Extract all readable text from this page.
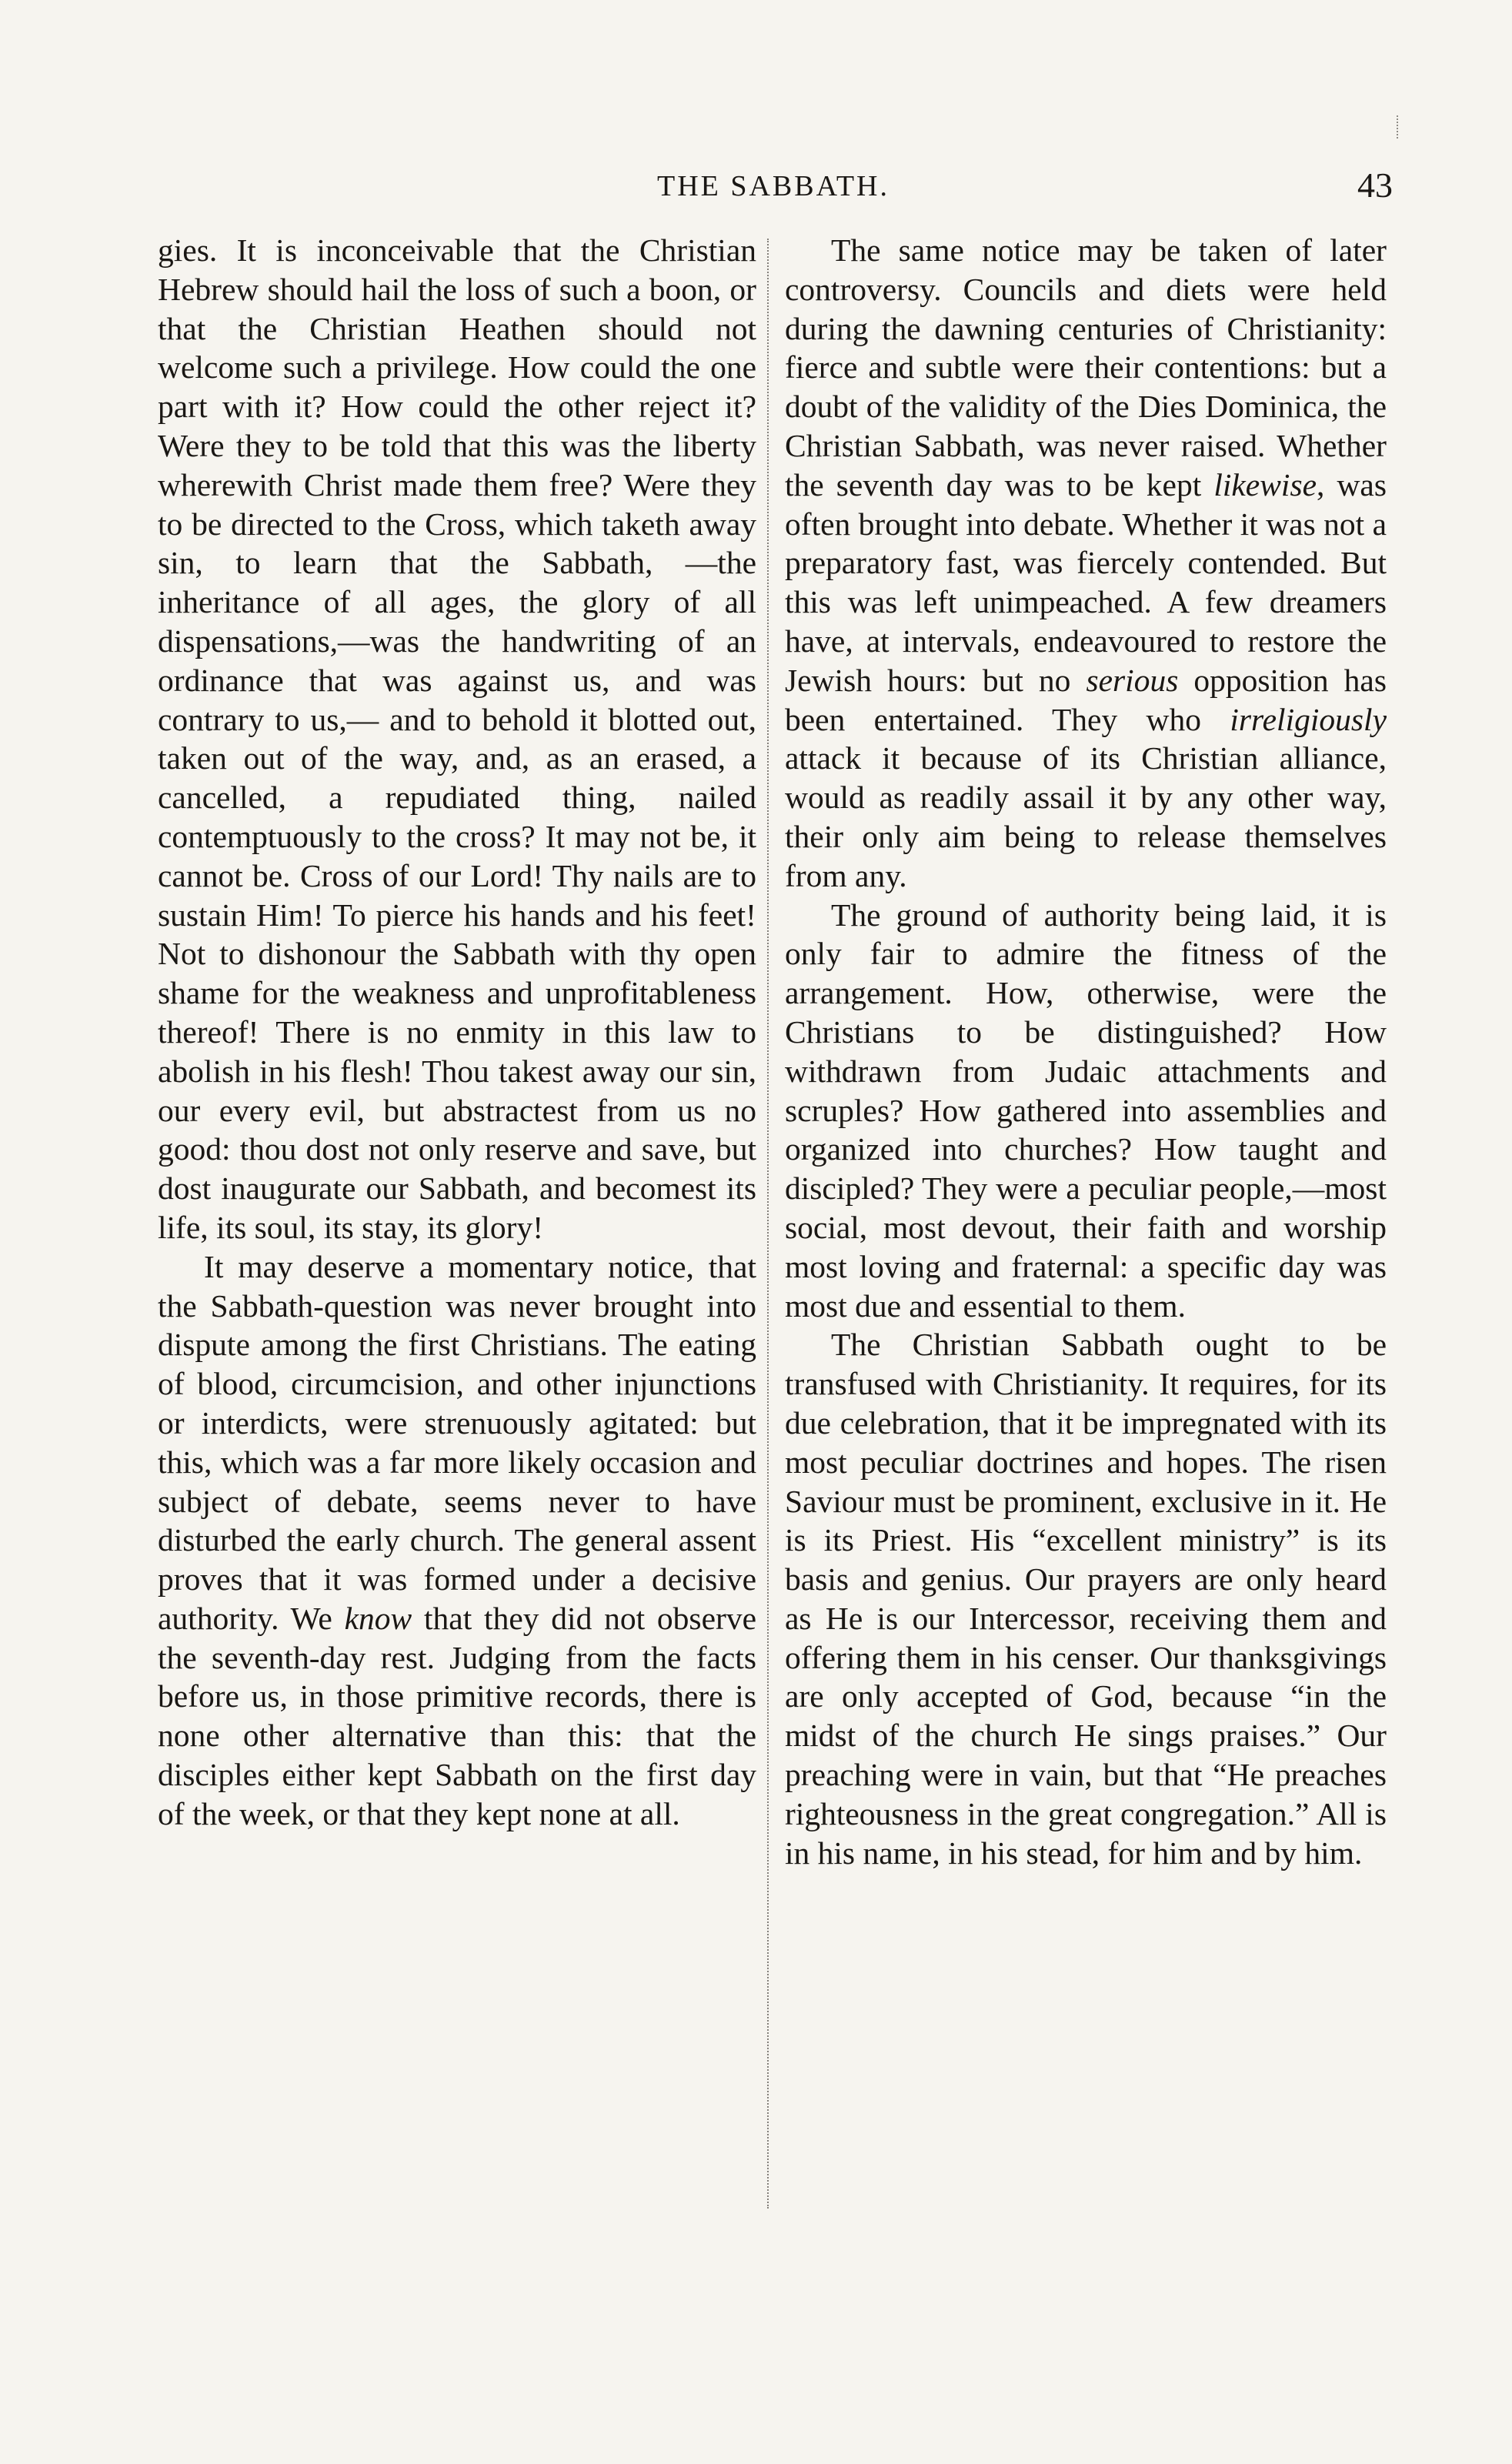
THE SABBATH.	43

gies. It is inconceivable that the Christian Hebrew should hail the loss of such a boon, or that the Christian Heathen should not welcome such a privilege. How could the one part with it? How could the other reject it? Were they to be told that this was the liberty wherewith Christ made them free? Were they to be directed to the Cross, which taketh away sin, to learn that the Sabbath, —the inheritance of all ages, the glory of all dispensations,—was the handwriting of an ordinance that was against us, and was contrary to us,— and to behold it blotted out, taken out of the way, and, as an erased, a cancelled, a repudiated thing, nailed contemptuously to the cross? It may not be, it cannot be. Cross of our Lord! Thy nails are to sustain Him! To pierce his hands and his feet! Not to dishonour the Sabbath with thy open shame for the weakness and unprofitableness thereof! There is no enmity in this law to abolish in his flesh! Thou takest away our sin, our every evil, but abstractest from us no good: thou dost not only reserve and save, but dost inaugurate our Sabbath, and becomest its life, its soul, its stay, its glory!

It may deserve a momentary notice, that the Sabbath-question was never brought into dispute among the first Christians. The eating of blood, circumcision, and other injunctions or interdicts, were strenuously agitated: but this, which was a far more likely occasion and subject of debate, seems never to have disturbed the early church. The general assent proves that it was formed under a decisive authority. We know that they did not observe the seventh-day rest. Judging from the facts before us, in those primitive records, there is none other alternative than this: that the disciples either kept Sabbath on the first day of the week, or that they kept none at all.

The same notice may be taken of later controversy. Councils and diets were held during the dawning centuries of Christianity: fierce and subtle were their contentions: but a doubt of the validity of the Dies Dominica, the Christian Sabbath, was never raised. Whether the seventh day was to be kept likewise, was often brought into debate. Whether it was not a preparatory fast, was fiercely contended. But this was left unimpeached. A few dreamers have, at intervals, endeavoured to restore the Jewish hours: but no serious opposition has been entertained. They who irreligiously attack it because of its Christian alliance, would as readily assail it by any other way, their only aim being to release themselves from any.

The ground of authority being laid, it is only fair to admire the fitness of the arrangement. How, otherwise, were the Christians to be distinguished? How withdrawn from Judaic attachments and scruples? How gathered into assemblies and organized into churches? How taught and discipled? They were a peculiar people,—most social, most devout, their faith and worship most loving and fraternal: a specific day was most due and essential to them.

The Christian Sabbath ought to be transfused with Christianity. It requires, for its due celebration, that it be impregnated with its most peculiar doctrines and hopes. The risen Saviour must be prominent, exclusive in it. He is its Priest. His “excellent ministry” is its basis and genius. Our prayers are only heard as He is our Intercessor, receiving them and offering them in his censer. Our thanksgivings are only accepted of God, because “in the midst of the church He sings praises.” Our preaching were in vain, but that “He preaches righteousness in the great congregation.” All is in his name, in his stead, for him and by him.
